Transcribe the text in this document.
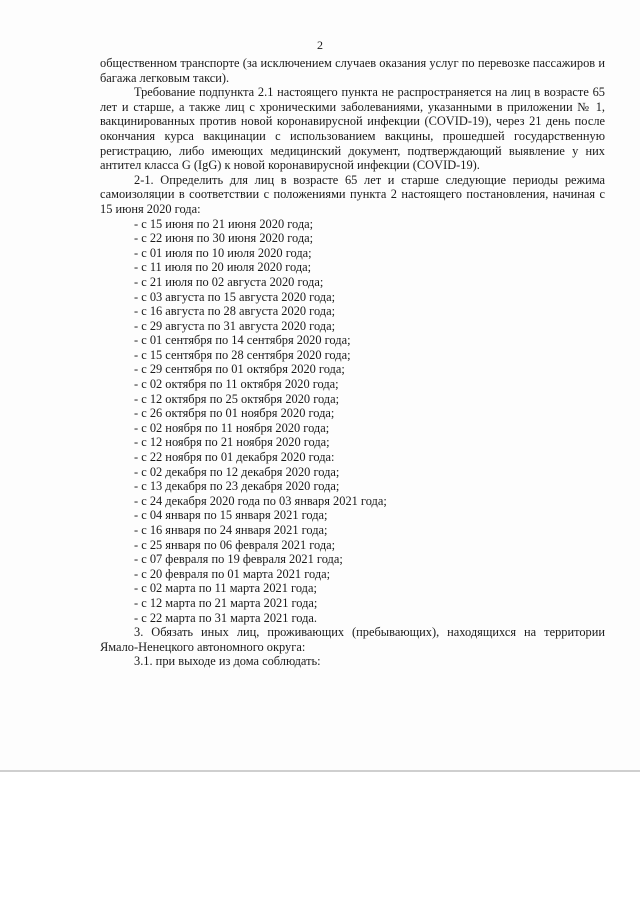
2

общественном транспорте (за исключением случаев оказания услуг по перевозке пассажиров и багажа легковым такси).

Требование подпункта 2.1 настоящего пункта не распространяется на лиц в возрасте 65 лет и старше, а также лиц с хроническими заболеваниями, указанными в приложении № 1, вакцинированных против новой коронавирусной инфекции (COVID-19), через 21 день после окончания курса вакцинации с использованием вакцины, прошедшей государственную регистрацию, либо имеющих медицинский документ, подтверждающий выявление у них антител класса G (IgG) к новой коронавирусной инфекции (COVID-19).

2-1. Определить для лиц в возрасте 65 лет и старше следующие периоды режима самоизоляции в соответствии с положениями пункта 2 настоящего постановления, начиная с 15 июня 2020 года:

- с 15 июня по 21 июня 2020 года;
- с 22 июня по 30 июня 2020 года;
- с 01 июля по 10 июля 2020 года;
- с 11 июля по 20 июля 2020 года;
- с 21 июля по 02 августа 2020 года;
- с 03 августа по 15 августа 2020 года;
- с 16 августа по 28 августа 2020 года;
- с 29 августа по 31 августа 2020 года;
- с 01 сентября по 14 сентября 2020 года;
- с 15 сентября по 28 сентября 2020 года;
- с 29 сентября по 01 октября 2020 года;
- с 02 октября по 11 октября 2020 года;
- с 12 октября по 25 октября 2020 года;
- с 26 октября по 01 ноября 2020 года;
- с 02 ноября по 11 ноября 2020 года;
- с 12 ноября по 21 ноября 2020 года;
- с 22 ноября по 01 декабря 2020 года:
- с 02 декабря по 12 декабря 2020 года;
- с 13 декабря по 23 декабря 2020 года;
- с 24 декабря 2020 года по 03 января 2021 года;
- с 04 января по 15 января 2021 года;
- с 16 января по 24 января 2021 года;
- с 25 января по 06 февраля 2021 года;
- с 07 февраля по 19 февраля 2021 года;
- с 20 февраля по 01 марта 2021 года;
- с 02 марта по 11 марта 2021 года;
- с 12 марта по 21 марта 2021 года;
- с 22 марта по 31 марта 2021 года.

3. Обязать иных лиц, проживающих (пребывающих), находящихся на территории Ямало-Ненецкого автономного округа:

3.1. при выходе из дома соблюдать:
